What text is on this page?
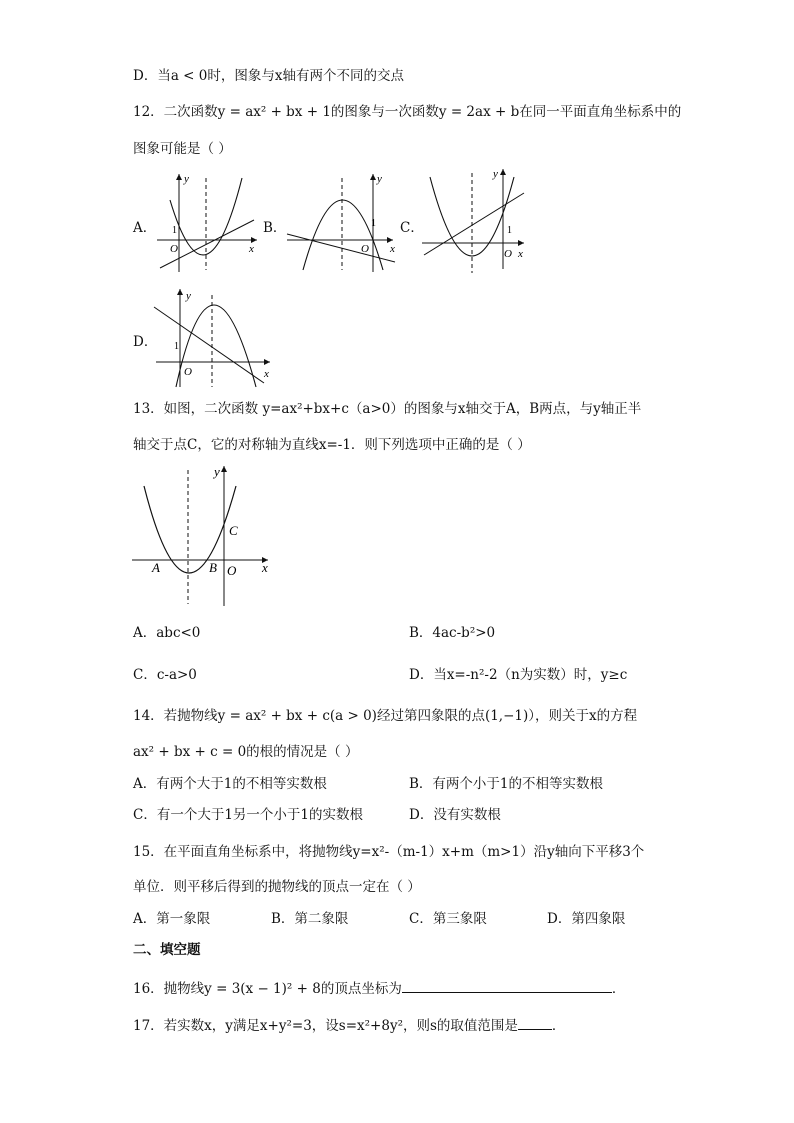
D．当a < 0时，图象与x轴有两个不同的交点
12．二次函数y = ax² + bx + 1的图象与一次函数y = 2ax + b在同一平面直角坐标系中的
图象可能是（ ）
A．
y
x
O
1	B．
y
x
O
1 C．
y
x
O
1
D．
y
x
O
1
13．如图，二次函数 y=ax²+bx+c（a>0）的图象与x轴交于A，B两点，与y轴正半
轴交于点C，它的对称轴为直线x=-1．则下列选项中正确的是（ ）
y
x
A	B
C
O
A．abc<0	B．4ac-b²>0
C．c-a>0	D．当x=-n²-2（n为实数）时，y≥c
14．若抛物线y = ax² + bx + c(a > 0)经过第四象限的点(1,−1)），则关于x的方程
ax² + bx + c = 0的根的情况是（ ）
A．有两个大于1的不相等实数根	B．有两个小于1的不相等实数根
C．有一个大于1另一个小于1的实数根	D．没有实数根
15．在平面直角坐标系中，将抛物线y=x²-（m-1）x+m（m>1）沿y轴向下平移3个
单位．则平移后得到的抛物线的顶点一定在（ ）
A．第一象限	B．第二象限	C．第三象限	D．第四象限
二、填空题
16．抛物线y = 3(x − 1)² + 8的顶点坐标为	．
17．若实数x，y满足x+y²=3，设s=x²+8y²，则s的取值范围是	．
